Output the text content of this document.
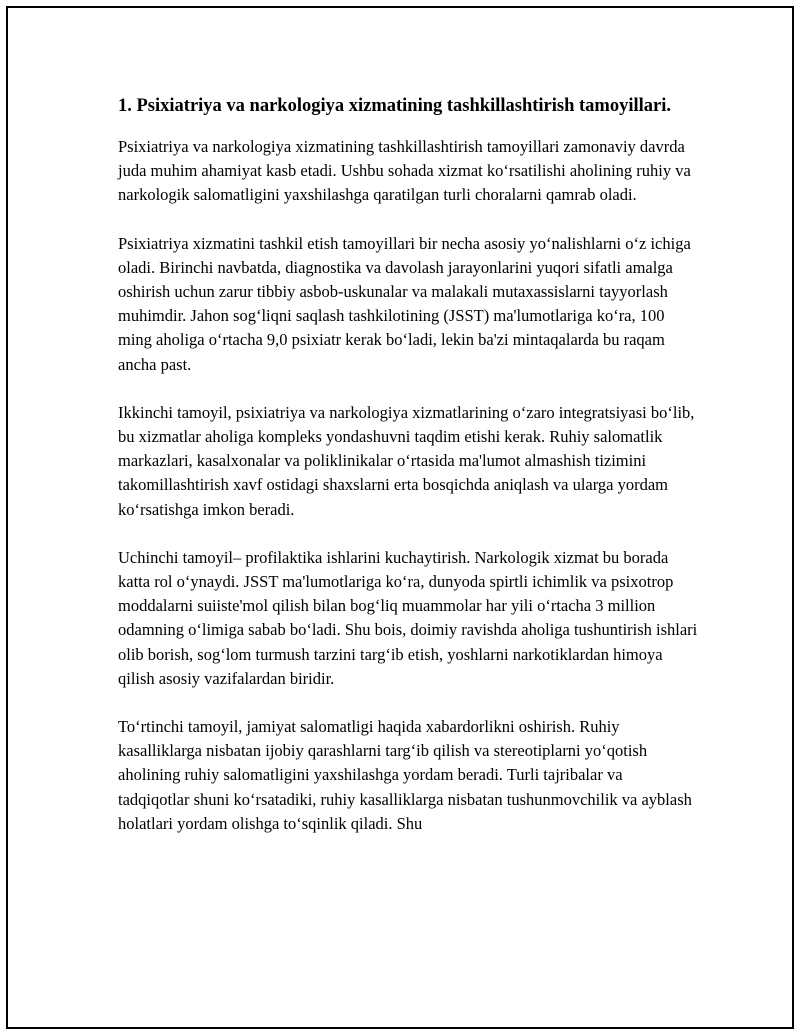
1. Psixiatriya va narkologiya xizmatining tashkillashtirish tamoyillari.

Psixiatriya va narkologiya xizmatining tashkillashtirish tamoyillari zamonaviy davrda juda muhim ahamiyat kasb etadi. Ushbu sohada xizmat ko‘rsatilishi aholining ruhiy va narkologik salomatligini yaxshilashga qaratilgan turli choralarni qamrab oladi.

Psixiatriya xizmatini tashkil etish tamoyillari bir necha asosiy yo‘nalishlarni o‘z ichiga oladi. Birinchi navbatda, diagnostika va davolash jarayonlarini yuqori sifatli amalga oshirish uchun zarur tibbiy asbob-uskunalar va malakali mutaxassislarni tayyorlash muhimdir. Jahon sog‘liqni saqlash tashkilotining (JSST) ma'lumotlariga ko‘ra, 100 ming aholiga o‘rtacha 9,0 psixiatr kerak bo‘ladi, lekin ba'zi mintaqalarda bu raqam ancha past.

Ikkinchi tamoyil, psixiatriya va narkologiya xizmatlarining o‘zaro integratsiyasi bo‘lib, bu xizmatlar aholiga kompleks yondashuvni taqdim etishi kerak. Ruhiy salomatlik markazlari, kasalxonalar va poliklinikalar o‘rtasida ma'lumot almashish tizimini takomillashtirish xavf ostidagi shaxslarni erta bosqichda aniqlash va ularga yordam ko‘rsatishga imkon beradi.

Uchinchi tamoyil– profilaktika ishlarini kuchaytirish. Narkologik xizmat bu borada katta rol o‘ynaydi. JSST ma'lumotlariga ko‘ra, dunyoda spirtli ichimlik va psixotrop moddalarni suiiste'mol qilish bilan bog‘liq muammolar har yili o‘rtacha 3 million odamning o‘limiga sabab bo‘ladi. Shu bois, doimiy ravishda aholiga tushuntirish ishlari olib borish, sog‘lom turmush tarzini targ‘ib etish, yoshlarni narkotiklardan himoya qilish asosiy vazifalardan biridir.

To‘rtinchi tamoyil, jamiyat salomatligi haqida xabardorlikni oshirish. Ruhiy kasalliklarga nisbatan ijobiy qarashlarni targ‘ib qilish va stereotiplarni yo‘qotish aholining ruhiy salomatligini yaxshilashga yordam beradi. Turli tajribalar va tadqiqotlar shuni ko‘rsatadiki, ruhiy kasalliklarga nisbatan tushunmovchilik va ayblash holatlari yordam olishga to‘sqinlik qiladi. Shu
